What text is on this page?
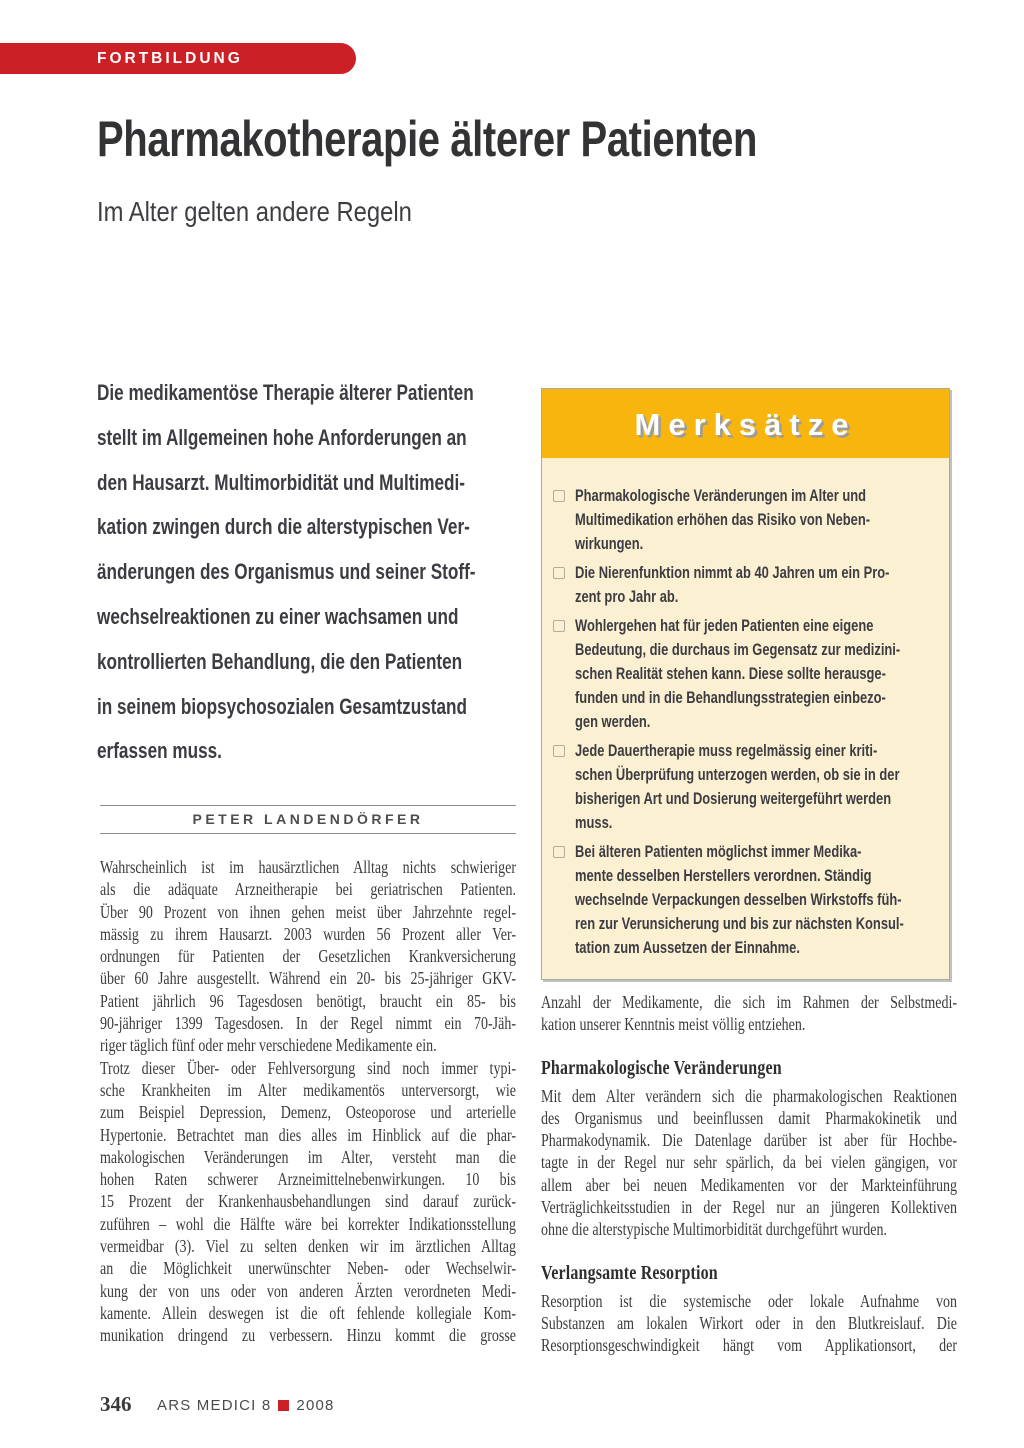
FORTBILDUNG
Pharmakotherapie älterer Patienten
Im Alter gelten andere Regeln
Die medikamentöse Therapie älterer Patienten
stellt im Allgemeinen hohe Anforderungen an
den Hausarzt. Multimorbidität und Multimedi-
kation zwingen durch die alterstypischen Ver-
änderungen des Organismus und seiner Stoff-
wechselreaktionen zu einer wachsamen und
kontrollierten Behandlung, die den Patienten
in seinem biopsychosozialen Gesamtzustand
erfassen muss.
PETER LANDENDÖRFER
Merksätze
Pharmakologische Veränderungen im Alter und
Multimedikation erhöhen das Risiko von Neben-
wirkungen.
Die Nierenfunktion nimmt ab 40 Jahren um ein Pro-
zent pro Jahr ab.
Wohlergehen hat für jeden Patienten eine eigene
Bedeutung, die durchaus im Gegensatz zur medizini-
schen Realität stehen kann. Diese sollte herausge-
funden und in die Behandlungsstrategien einbezo-
gen werden.
Jede Dauertherapie muss regelmässig einer kriti-
schen Überprüfung unterzogen werden, ob sie in der
bisherigen Art und Dosierung weitergeführt werden
muss.
Bei älteren Patienten möglichst immer Medika-
mente desselben Herstellers verordnen. Ständig
wechselnde Verpackungen desselben Wirkstoffs füh-
ren zur Verunsicherung und bis zur nächsten Konsul-
tation zum Aussetzen der Einnahme.
Wahrscheinlich ist im hausärztlichen Alltag nichts schwieriger
als die adäquate Arzneitherapie bei geriatrischen Patienten.
Über 90 Prozent von ihnen gehen meist über Jahrzehnte regel-
mässig zu ihrem Hausarzt. 2003 wurden 56 Prozent aller Ver-
ordnungen für Patienten der Gesetzlichen Krankversicherung
über 60 Jahre ausgestellt. Während ein 20- bis 25-jähriger GKV-
Patient jährlich 96 Tagesdosen benötigt, braucht ein 85- bis
90-jähriger 1399 Tagesdosen. In der Regel nimmt ein 70-Jäh-
riger täglich fünf oder mehr verschiedene Medikamente ein.
Trotz dieser Über- oder Fehlversorgung sind noch immer typi-
sche Krankheiten im Alter medikamentös unterversorgt, wie
zum Beispiel Depression, Demenz, Osteoporose und arterielle
Hypertonie. Betrachtet man dies alles im Hinblick auf die phar-
makologischen Veränderungen im Alter, versteht man die
hohen Raten schwerer Arzneimittelnebenwirkungen. 10 bis
15 Prozent der Krankenhausbehandlungen sind darauf zurück-
zuführen – wohl die Hälfte wäre bei korrekter Indikationsstellung
vermeidbar (3). Viel zu selten denken wir im ärztlichen Alltag
an die Möglichkeit unerwünschter Neben- oder Wechselwir-
kung der von uns oder von anderen Ärzten verordneten Medi-
kamente. Allein deswegen ist die oft fehlende kollegiale Kom-
munikation dringend zu verbessern. Hinzu kommt die grosse
Anzahl der Medikamente, die sich im Rahmen der Selbstmedi-
kation unserer Kenntnis meist völlig entziehen.
Pharmakologische Veränderungen
Mit dem Alter verändern sich die pharmakologischen Reaktionen
des Organismus und beeinflussen damit Pharmakokinetik und
Pharmakodynamik. Die Datenlage darüber ist aber für Hochbe-
tagte in der Regel nur sehr spärlich, da bei vielen gängigen, vor
allem aber bei neuen Medikamenten vor der Markteinführung
Verträglichkeitsstudien in der Regel nur an jüngeren Kollektiven
ohne die alterstypische Multimorbidität durchgeführt wurden.
Verlangsamte Resorption
Resorption ist die systemische oder lokale Aufnahme von
Substanzen am lokalen Wirkort oder in den Blutkreislauf. Die
Resorptionsgeschwindigkeit hängt vom Applikationsort, der
346 ARS MEDICI 8 2008
